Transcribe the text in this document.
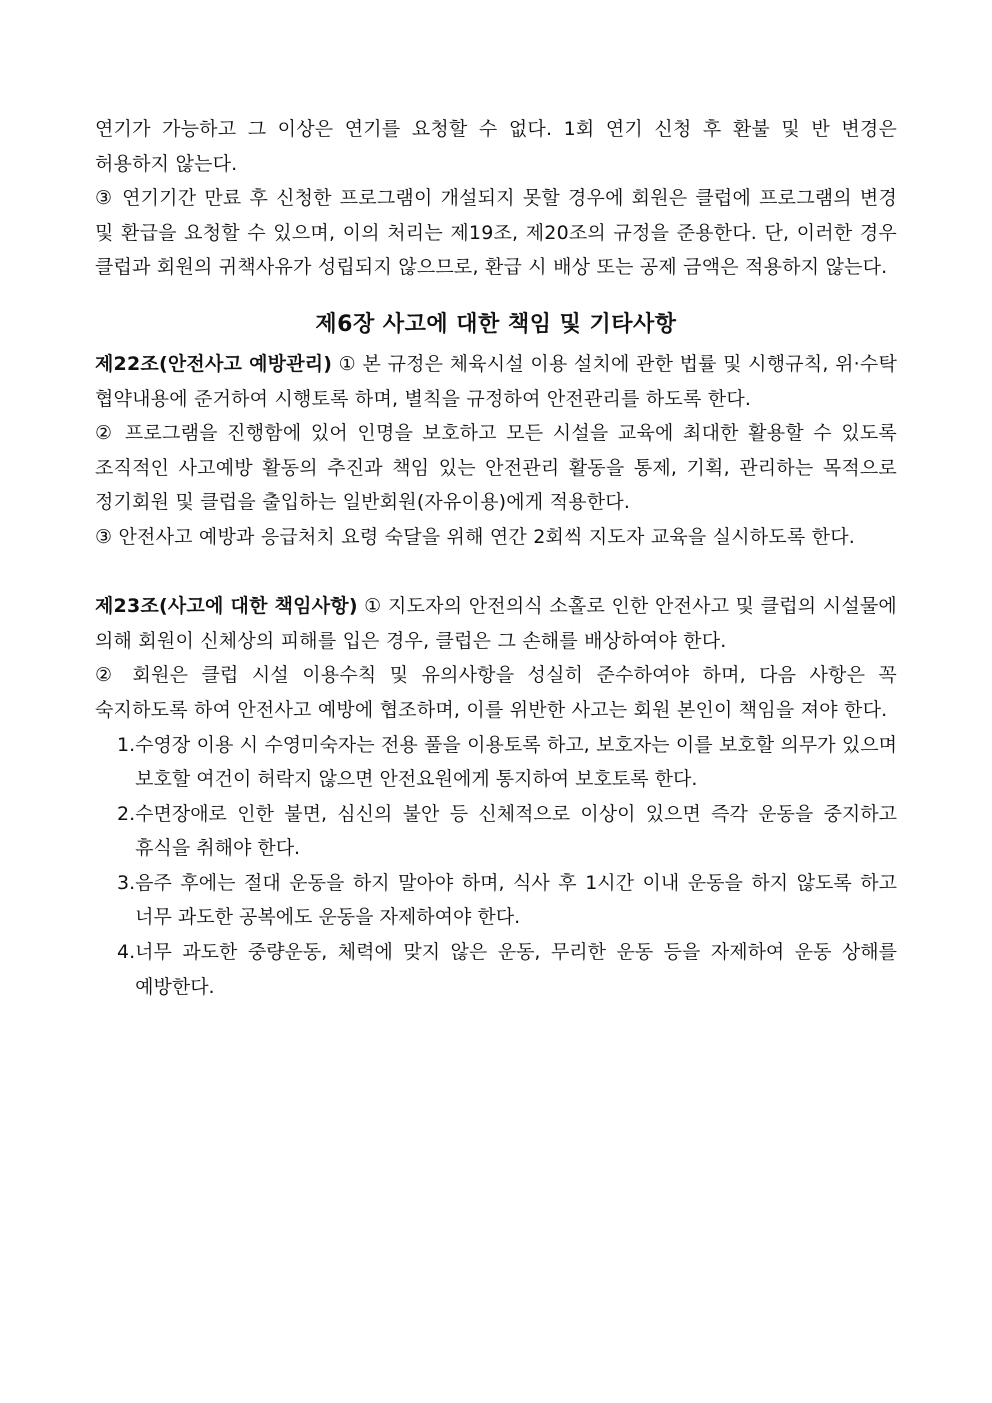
연기가 가능하고 그 이상은 연기를 요청할 수 없다. 1회 연기 신청 후 환불 및 반 변경은 허용하지 않는다.

③ 연기기간 만료 후 신청한 프로그램이 개설되지 못할 경우에 회원은 클럽에 프로그램의 변경 및 환급을 요청할 수 있으며, 이의 처리는 제19조, 제20조의 규정을 준용한다. 단, 이러한 경우 클럽과 회원의 귀책사유가 성립되지 않으므로, 환급 시 배상 또는 공제 금액은 적용하지 않는다.

제6장 사고에 대한 책임 및 기타사항

제22조(안전사고 예방관리) ① 본 규정은 체육시설 이용 설치에 관한 법률 및 시행규칙, 위·수탁 협약내용에 준거하여 시행토록 하며, 별칙을 규정하여 안전관리를 하도록 한다.

② 프로그램을 진행함에 있어 인명을 보호하고 모든 시설을 교육에 최대한 활용할 수 있도록 조직적인 사고예방 활동의 추진과 책임 있는 안전관리 활동을 통제, 기획, 관리하는 목적으로 정기회원 및 클럽을 출입하는 일반회원(자유이용)에게 적용한다.

③ 안전사고 예방과 응급처치 요령 숙달을 위해 연간 2회씩 지도자 교육을 실시하도록 한다.

제23조(사고에 대한 책임사항) ① 지도자의 안전의식 소홀로 인한 안전사고 및 클럽의 시설물에 의해 회원이 신체상의 피해를 입은 경우, 클럽은 그 손해를 배상하여야 한다.

② 회원은 클럽 시설 이용수칙 및 유의사항을 성실히 준수하여야 하며, 다음 사항은 꼭 숙지하도록 하여 안전사고 예방에 협조하며, 이를 위반한 사고는 회원 본인이 책임을 져야 한다.

1. 수영장 이용 시 수영미숙자는 전용 풀을 이용토록 하고, 보호자는 이를 보호할 의무가 있으며 보호할 여건이 허락지 않으면 안전요원에게 통지하여 보호토록 한다.
2. 수면장애로 인한 불면, 심신의 불안 등 신체적으로 이상이 있으면 즉각 운동을 중지하고 휴식을 취해야 한다.
3. 음주 후에는 절대 운동을 하지 말아야 하며, 식사 후 1시간 이내 운동을 하지 않도록 하고 너무 과도한 공복에도 운동을 자제하여야 한다.
4. 너무 과도한 중량운동, 체력에 맞지 않은 운동, 무리한 운동 등을 자제하여 운동 상해를 예방한다.
